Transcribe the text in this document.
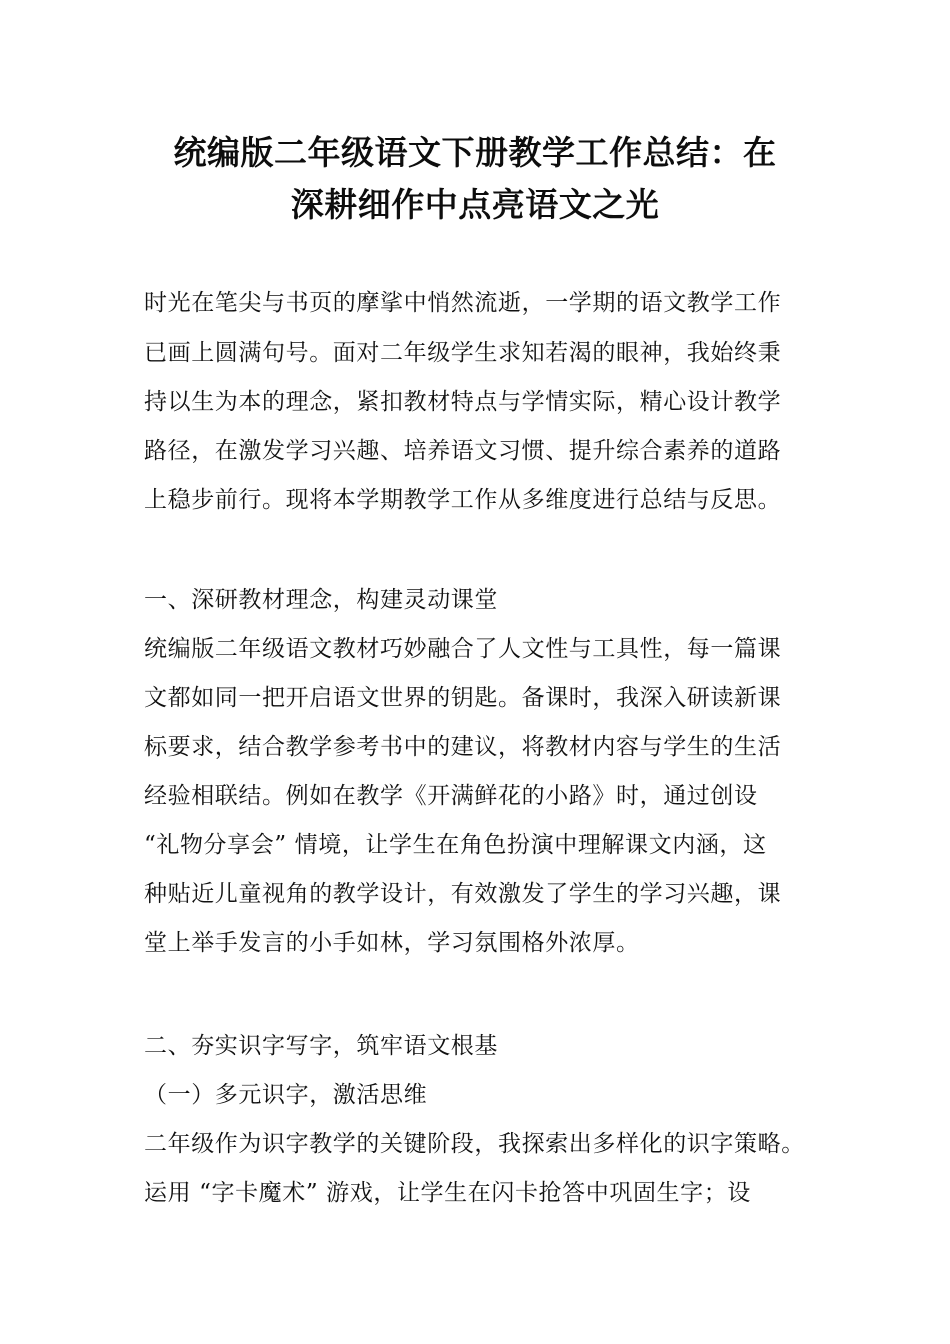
统编版二年级语文下册教学工作总结：在
深耕细作中点亮语文之光
时光在笔尖与书页的摩挲中悄然流逝，一学期的语文教学工作
已画上圆满句号。面对二年级学生求知若渴的眼神，我始终秉
持以生为本的理念，紧扣教材特点与学情实际，精心设计教学
路径，在激发学习兴趣、培养语文习惯、提升综合素养的道路
上稳步前行。现将本学期教学工作从多维度进行总结与反思。
一、深研教材理念，构建灵动课堂
统编版二年级语文教材巧妙融合了人文性与工具性，每一篇课
文都如同一把开启语文世界的钥匙。备课时，我深入研读新课
标要求，结合教学参考书中的建议，将教材内容与学生的生活
经验相联结。例如在教学《开满鲜花的小路》时，通过创设
“礼物分享会” 情境，让学生在角色扮演中理解课文内涵，这
种贴近儿童视角的教学设计，有效激发了学生的学习兴趣，课
堂上举手发言的小手如林，学习氛围格外浓厚。
二、夯实识字写字，筑牢语文根基
（一）多元识字，激活思维
二年级作为识字教学的关键阶段，我探索出多样化的识字策略。
运用 “字卡魔术” 游戏，让学生在闪卡抢答中巩固生字；设
